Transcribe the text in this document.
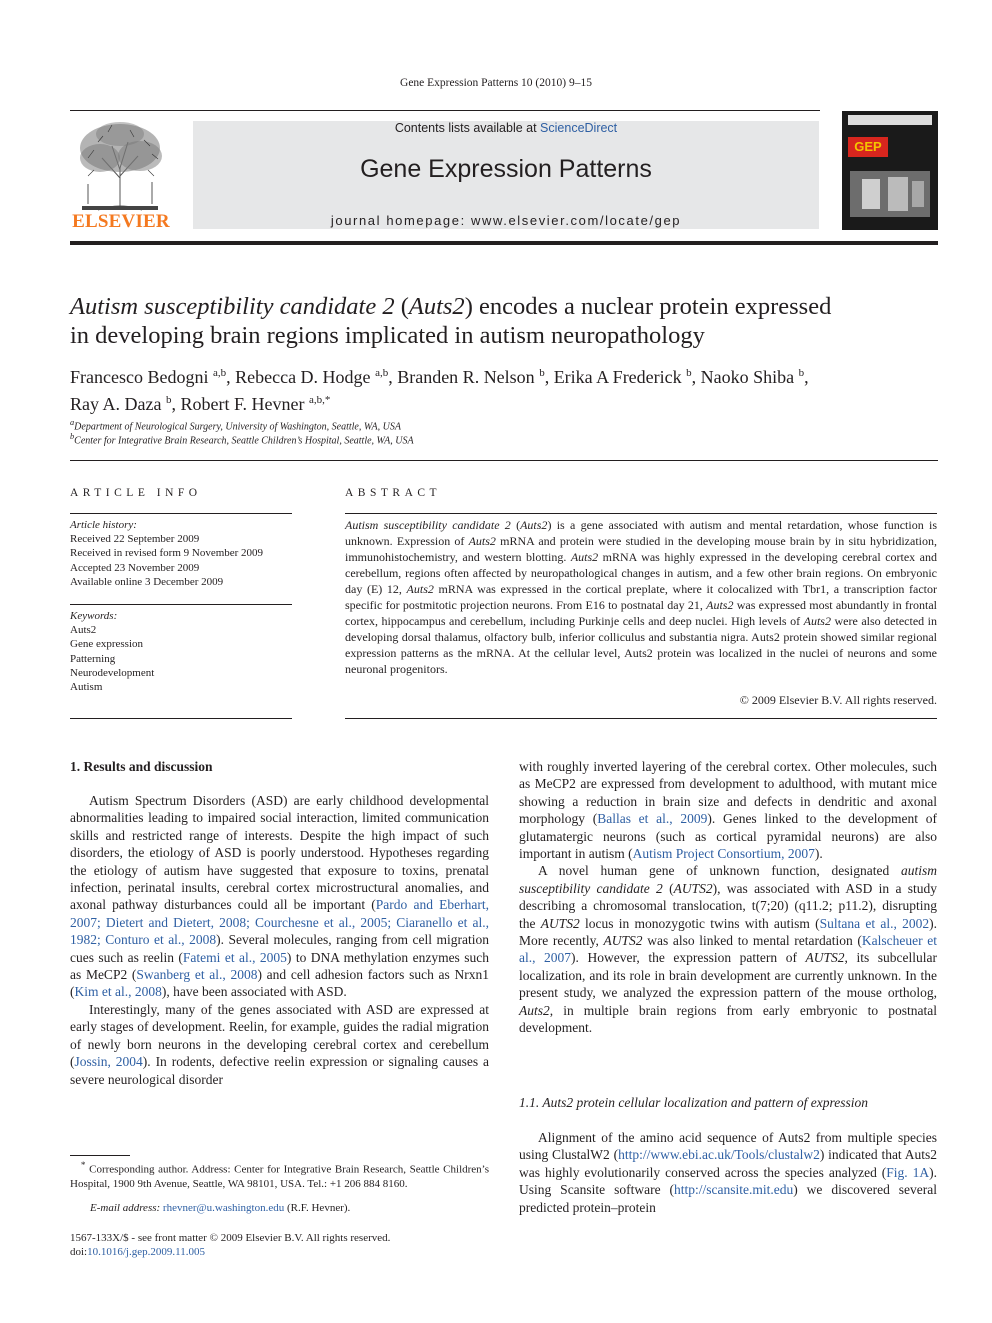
Gene Expression Patterns 10 (2010) 9–15
ELSEVIER
Contents lists available at ScienceDirect
Gene Expression Patterns
journal homepage: www.elsevier.com/locate/gep
GEP
Autism susceptibility candidate 2 (Auts2) encodes a nuclear protein expressed
in developing brain regions implicated in autism neuropathology
Francesco Bedogni $^{a,b}$, Rebecca D. Hodge $^{a,b}$, Branden R. Nelson $^b$, Erika A Frederick $^b$, Naoko Shiba $^b$,
Ray A. Daza $^b$, Robert F. Hevner $^{a,b,*}$
$^a$Department of Neurological Surgery, University of Washington, Seattle, WA, USA
$^b$Center for Integrative Brain Research, Seattle Children’s Hospital, Seattle, WA, USA
ARTICLE INFO
Article history:
Received 22 September 2009
Received in revised form 9 November 2009
Accepted 23 November 2009
Available online 3 December 2009
Keywords:
Auts2
Gene expression
Patterning
Neurodevelopment
Autism
ABSTRACT
Autism susceptibility candidate 2 (Auts2) is a gene associated with autism and mental retardation, whose function is unknown. Expression of Auts2 mRNA and protein were studied in the developing mouse brain by in situ hybridization, immunohistochemistry, and western blotting. Auts2 mRNA was highly expressed in the developing cerebral cortex and cerebellum, regions often affected by neuropathological changes in autism, and a few other brain regions. On embryonic day (E) 12, Auts2 mRNA was expressed in the cortical preplate, where it colocalized with Tbr1, a transcription factor specific for postmitotic projection neurons. From E16 to postnatal day 21, Auts2 was expressed most abundantly in frontal cortex, hippocampus and cerebellum, including Purkinje cells and deep nuclei. High levels of Auts2 were also detected in developing dorsal thalamus, olfactory bulb, inferior colliculus and substantia nigra. Auts2 protein showed similar regional expression patterns as the mRNA. At the cellular level, Auts2 protein was localized in the nuclei of neurons and some neuronal progenitors.
© 2009 Elsevier B.V. All rights reserved.
1. Results and discussion

Autism Spectrum Disorders (ASD) are early childhood developmental abnormalities leading to impaired social interaction, limited communication skills and restricted range of interests. Despite the high impact of such disorders, the etiology of ASD is poorly understood. Hypotheses regarding the etiology of autism have suggested that exposure to toxins, prenatal infection, perinatal insults, cerebral cortex microstructural anomalies, and axonal pathway disturbances could all be important (Pardo and Eberhart, 2007; Dietert and Dietert, 2008; Courchesne et al., 2005; Ciaranello et al., 1982; Conturo et al., 2008). Several molecules, ranging from cell migration cues such as reelin (Fatemi et al., 2005) to DNA methylation enzymes such as MeCP2 (Swanberg et al., 2008) and cell adhesion factors such as Nrxn1 (Kim et al., 2008), have been associated with ASD.

Interestingly, many of the genes associated with ASD are expressed at early stages of development. Reelin, for example, guides the radial migration of newly born neurons in the developing cerebral cortex and cerebellum (Jossin, 2004). In rodents, defective reelin expression or signaling causes a severe neurological disorder

with roughly inverted layering of the cerebral cortex. Other molecules, such as MeCP2 are expressed from development to adulthood, with mutant mice showing a reduction in brain size and defects in dendritic and axonal morphology (Ballas et al., 2009). Genes linked to the development of glutamatergic neurons (such as cortical pyramidal neurons) are also important in autism (Autism Project Consortium, 2007).

A novel human gene of unknown function, designated autism susceptibility candidate 2 (AUTS2), was associated with ASD in a study describing a chromosomal translocation, t(7;20) (q11.2; p11.2), disrupting the AUTS2 locus in monozygotic twins with autism (Sultana et al., 2002). More recently, AUTS2 was also linked to mental retardation (Kalscheuer et al., 2007). However, the expression pattern of AUTS2, its subcellular localization, and its role in brain development are currently unknown. In the present study, we analyzed the expression pattern of the mouse ortholog, Auts2, in multiple brain regions from early embryonic to postnatal development.

1.1. Auts2 protein cellular localization and pattern of expression

Alignment of the amino acid sequence of Auts2 from multiple species using ClustalW2 (http://www.ebi.ac.uk/Tools/clustalw2) indicated that Auts2 was highly evolutionarily conserved across the species analyzed (Fig. 1A). Using Scansite software (http://scansite.mit.edu) we discovered several predicted protein–protein

* Corresponding author. Address: Center for Integrative Brain Research, Seattle Children’s Hospital, 1900 9th Avenue, Seattle, WA 98101, USA. Tel.: +1 206 884 8160.
E-mail address: rhevner@u.washington.edu (R.F. Hevner).
1567-133X/$ - see front matter © 2009 Elsevier B.V. All rights reserved.
doi:10.1016/j.gep.2009.11.005
